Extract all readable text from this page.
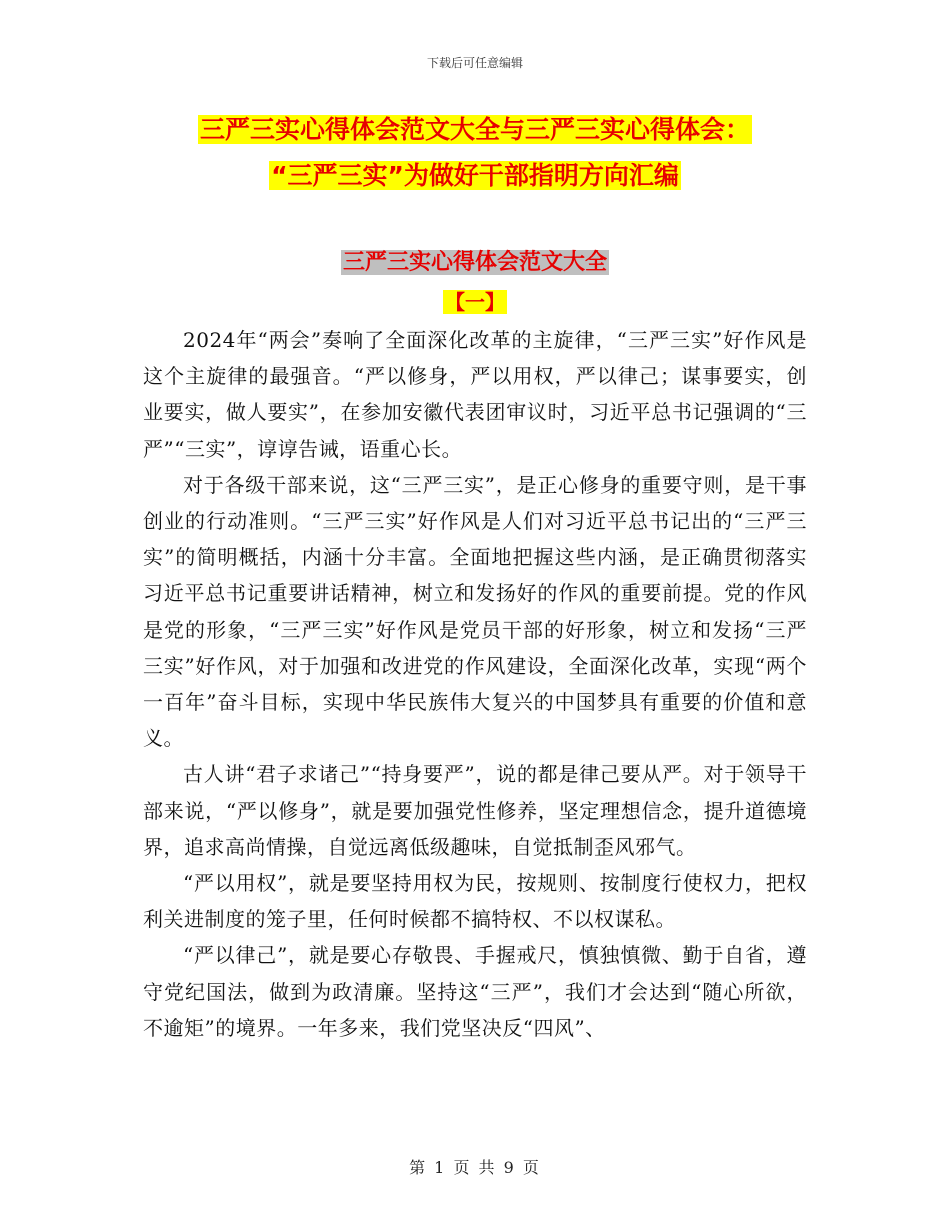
下载后可任意编辑
三严三实心得体会范文大全与三严三实心得体会：
“三严三实”为做好干部指明方向汇编
三严三实心得体会范文大全
【一】

2024年“两会”奏响了全面深化改革的主旋律，“三严三实”好作风是这个主旋律的最强音。“严以修身，严以用权，严以律己；谋事要实，创业要实，做人要实”，在参加安徽代表团审议时，习近平总书记强调的“三严”“三实”，谆谆告诫，语重心长。

对于各级干部来说，这“三严三实”，是正心修身的重要守则，是干事创业的行动准则。“三严三实”好作风是人们对习近平总书记出的“三严三实”的简明概括，内涵十分丰富。全面地把握这些内涵，是正确贯彻落实习近平总书记重要讲话精神，树立和发扬好的作风的重要前提。党的作风是党的形象，“三严三实”好作风是党员干部的好形象，树立和发扬“三严三实”好作风，对于加强和改进党的作风建设，全面深化改革，实现“两个一百年”奋斗目标，实现中华民族伟大复兴的中国梦具有重要的价值和意义。

古人讲“君子求诸己”“持身要严”，说的都是律己要从严。对于领导干部来说，“严以修身”，就是要加强党性修养，坚定理想信念，提升道德境界，追求高尚情操，自觉远离低级趣味，自觉抵制歪风邪气。

“严以用权”，就是要坚持用权为民，按规则、按制度行使权力，把权利关进制度的笼子里，任何时候都不搞特权、不以权谋私。

“严以律己”，就是要心存敬畏、手握戒尺，慎独慎微、勤于自省，遵守党纪国法，做到为政清廉。坚持这“三严”，我们才会达到“随心所欲，不逾矩”的境界。一年多来，我们党坚决反“四风”、

第 1 页 共 9 页
